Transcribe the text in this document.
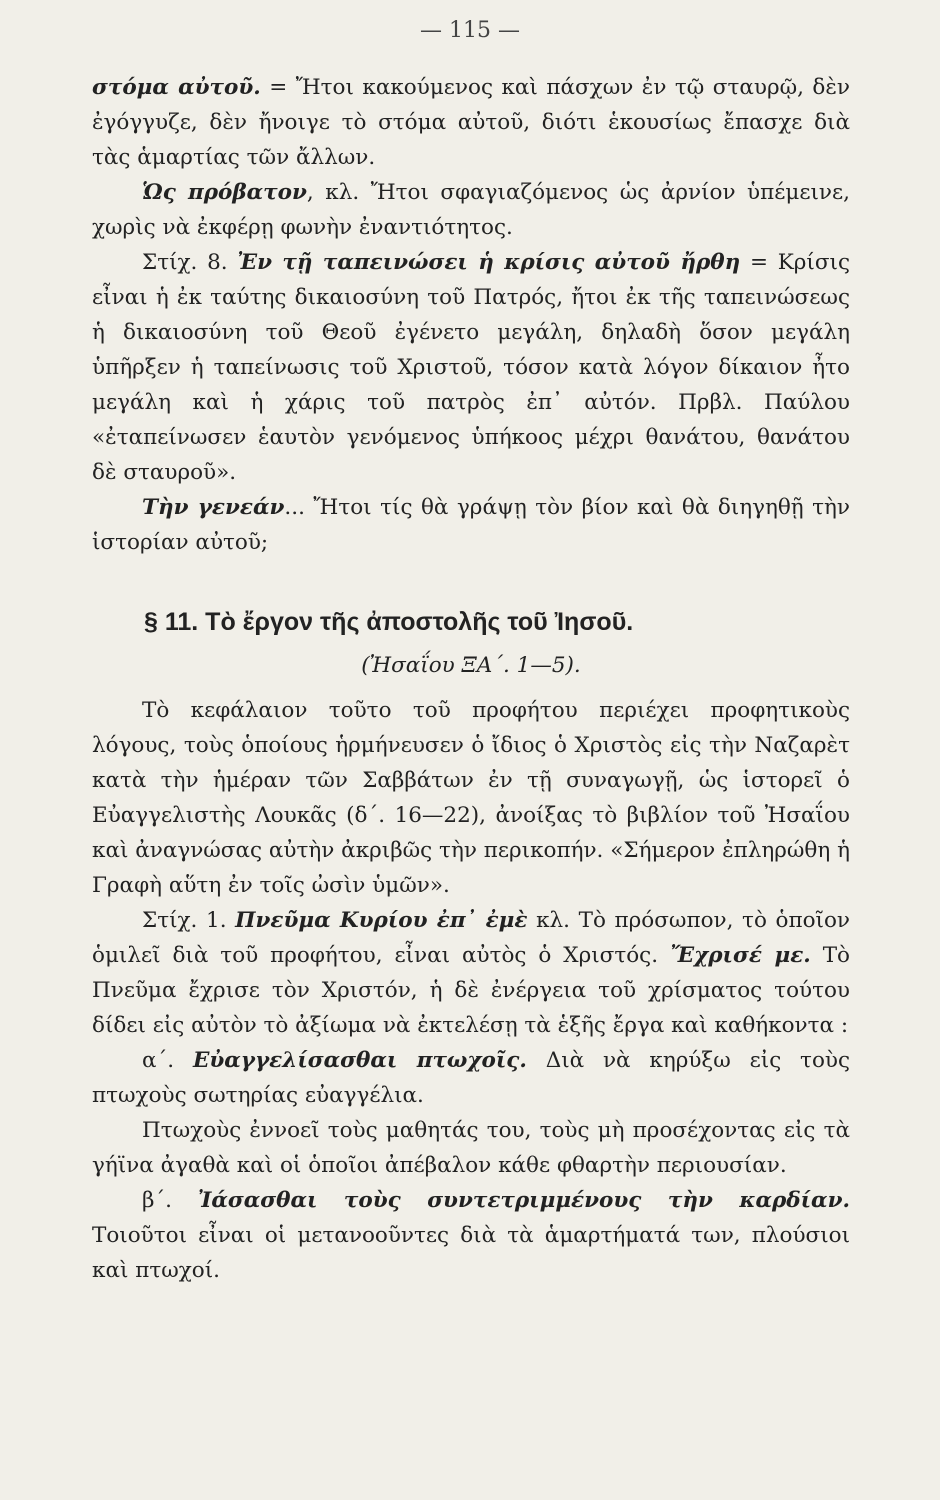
— 115 —

στόμα αὐτοῦ. = Ἤτοι κακούμενος καὶ πάσχων ἐν τῷ σταυρῷ, δὲν ἐγόγγυζε, δὲν ἤνοιγε τὸ στόμα αὐτοῦ, διότι ἑκουσίως ἔπασχε διὰ τὰς ἁμαρτίας τῶν ἄλλων.

Ὡς πρόβατον, κλ. Ἤτοι σφαγιαζόμενος ὡς ἀρνίον ὑπέμεινε, χωρὶς νὰ ἐκφέρῃ φωνὴν ἐναντιότητος.

Στίχ. 8. Ἐν τῇ ταπεινώσει ἡ κρίσις αὐτοῦ ἤρθη = Κρίσις εἶναι ἡ ἐκ ταύτης δικαιοσύνη τοῦ Πατρός, ἤτοι ἐκ τῆς ταπεινώσεως ἡ δικαιοσύνη τοῦ Θεοῦ ἐγένετο μεγάλη, δηλαδὴ ὅσον μεγάλη ὑπῆρξεν ἡ ταπείνωσις τοῦ Χριστοῦ, τόσον κατὰ λόγον δίκαιον ἦτο μεγάλη καὶ ἡ χάρις τοῦ πατρὸς ἐπ᾽ αὐτόν. Πρβλ. Παύλου «ἐταπείνωσεν ἑαυτὸν γενόμενος ὑπήκοος μέχρι θανάτου, θανάτου δὲ σταυροῦ».

Τὴν γενεάν... Ἤτοι τίς θὰ γράψῃ τὸν βίον καὶ θὰ διηγηθῇ τὴν ἱστορίαν αὐτοῦ;

§ 11. Τὸ ἔργον τῆς ἀποστολῆς τοῦ Ἰησοῦ.
(Ἠσαΐου ΞΑ΄. 1—5).

Τὸ κεφάλαιον τοῦτο τοῦ προφήτου περιέχει προφητικοὺς λόγους, τοὺς ὁποίους ἡρμήνευσεν ὁ ἴδιος ὁ Χριστὸς εἰς τὴν Ναζαρὲτ κατὰ τὴν ἡμέραν τῶν Σαββάτων ἐν τῇ συναγωγῇ, ὡς ἱστορεῖ ὁ Εὐαγγελιστὴς Λουκᾶς (δ΄. 16—22), ἀνοίξας τὸ βιβλίον τοῦ Ἠσαΐου καὶ ἀναγνώσας αὐτὴν ἀκριβῶς τὴν περικοπήν. «Σήμερον ἐπληρώθη ἡ Γραφὴ αὕτη ἐν τοῖς ὠσὶν ὑμῶν».

Στίχ. 1. Πνεῦμα Κυρίου ἐπ᾽ ἐμὲ κλ. Τὸ πρόσωπον, τὸ ὁποῖον ὁμιλεῖ διὰ τοῦ προφήτου, εἶναι αὐτὸς ὁ Χριστός. Ἔχρισέ με. Τὸ Πνεῦμα ἔχρισε τὸν Χριστόν, ἡ δὲ ἐνέργεια τοῦ χρίσματος τούτου δίδει εἰς αὐτὸν τὸ ἀξίωμα νὰ ἐκτελέσῃ τὰ ἑξῆς ἔργα καὶ καθήκοντα :

α΄. Εὐαγγελίσασθαι πτωχοῖς. Διὰ νὰ κηρύξω εἰς τοὺς πτωχοὺς σωτηρίας εὐαγγέλια.

Πτωχοὺς ἐννοεῖ τοὺς μαθητάς του, τοὺς μὴ προσέχοντας εἰς τὰ γήϊνα ἀγαθὰ καὶ οἱ ὁποῖοι ἀπέβαλον κάθε φθαρτὴν περιουσίαν.

β΄. Ἰάσασθαι τοὺς συντετριμμένους τὴν καρδίαν. Τοιοῦτοι εἶναι οἱ μετανοοῦντες διὰ τὰ ἁμαρτήματά των, πλούσιοι καὶ πτωχοί.
